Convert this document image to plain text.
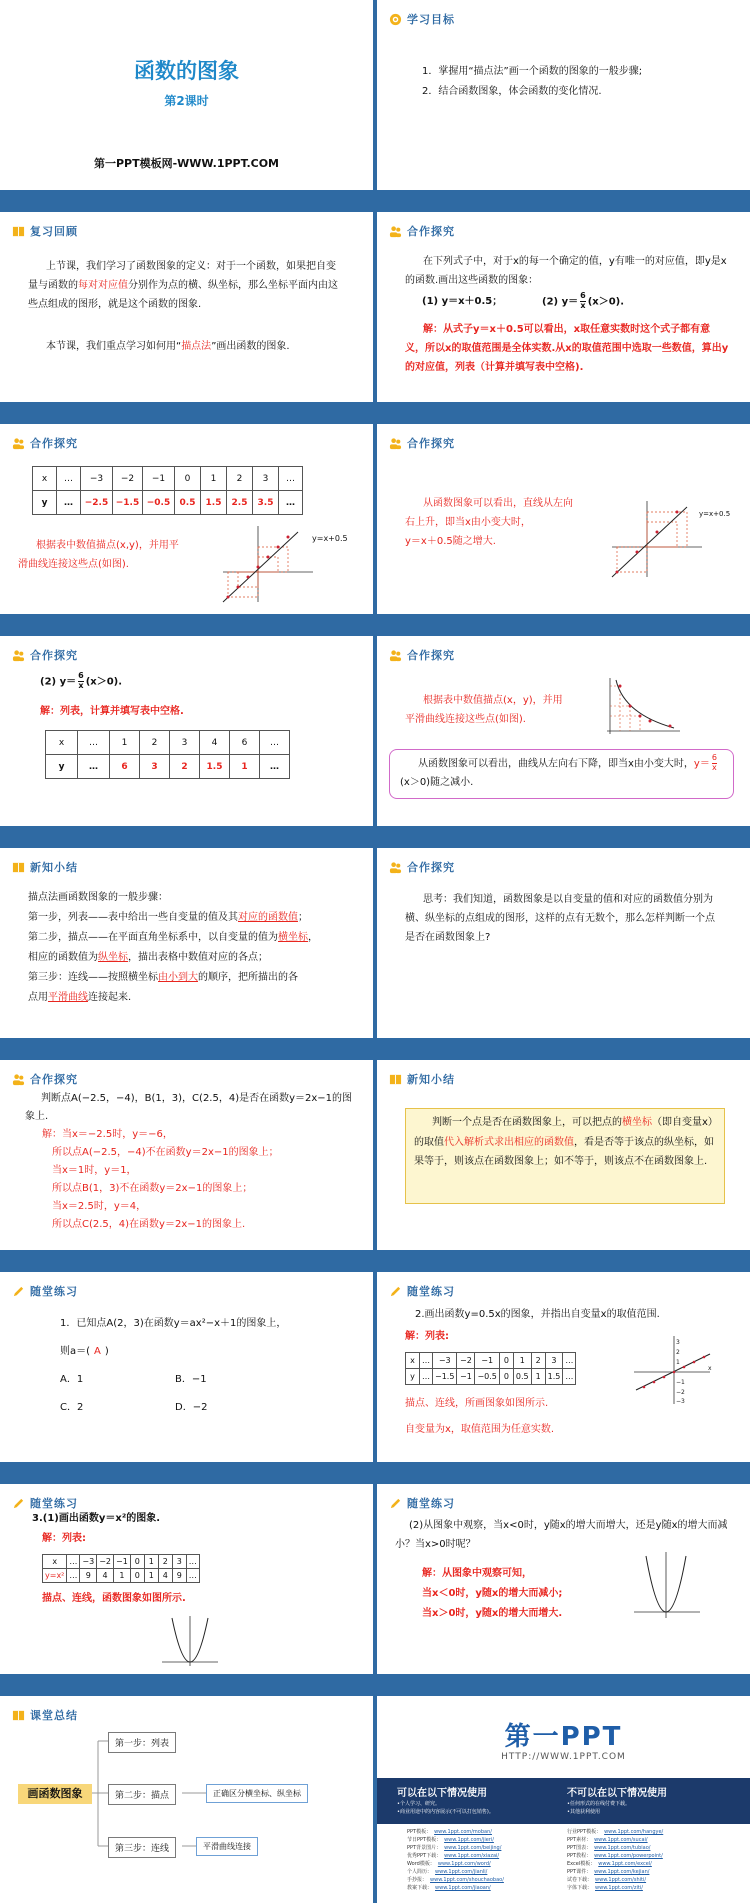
函数的图象
第2课时
第一PPT模板网-WWW.1PPT.COM
学习目标
1．掌握用“描点法”画一个函数的图象的一般步骤;
2．结合函数图象，体会函数的变化情况.
复习回顾
上节课，我们学习了函数图象的定义：对于一个函数，如果把自变量与函数的每对对应值分别作为点的横、纵坐标，那么坐标平面内由这些点组成的图形，就是这个函数的图象.
本节课，我们重点学习如何用“描点法”画出函数的图象.
合作探究
在下列式子中，对于x的每一个确定的值，y有唯一的对应值，即y是x的函数.画出这些函数的图象：
(1) y＝x＋0.5；	(2) $y= \frac{6}{x} (x>0)$.
解：从式子y＝x＋0.5可以看出，x取任意实数时这个式子都有意义，所以x的取值范围是全体实数.从x的取值范围中选取一些数值，算出y的对应值，列表（计算并填写表中空格).
合作探究
x	…	−3	−2	−1	0	1	2	3	…
y	…	−2.5	−1.5	−0.5	0.5	1.5	2.5	3.5	…
根据表中数值描点(x,y)，并用平滑曲线连接这些点(如图).
y=x+0.5
合作探究
从函数图象可以看出，直线从左向右上升，即当x由小变大时，
y＝x＋0.5随之增大.
y=x+0.5
合作探究
(2) $y= \frac{6}{x} (x>0)$.
解：列表，计算并填写表中空格.
x	…	1	2	3	4	6	…
y	…	6	3	2	1.5	1	…
合作探究
根据表中数值描点(x，y)，并用平滑曲线连接这些点(如图).
从函数图象可以看出，曲线从左向右下降，即当x由小变大时，$y= \frac{6}{x}$
(x＞0)随之减小.
新知小结
描点法画函数图象的一般步骤：
第一步，列表——表中给出一些自变量的值及其对应的函数值；
第二步，描点——在平面直角坐标系中，以自变量的值为横坐标，
相应的函数值为纵坐标，描出表格中数值对应的各点；
第三步：连线——按照横坐标由小到大的顺序，把所描出的各
点用平滑曲线连接起来.
合作探究
思考：我们知道，函数图象是以自变量的值和对应的函数值分别为横、纵坐标的点组成的图形，这样的点有无数个，那么怎样判断一个点是否在函数图象上?
合作探究
判断点A(−2.5，−4)，B(1，3)，C(2.5，4)是否在函数y＝2x−1的图象上.
解：当x＝−2.5时，y＝−6，
所以点A(−2.5，−4)不在函数y＝2x−1的图象上；
当x＝1时，y＝1，
所以点B(1，3)不在函数y＝2x−1的图象上；
当x＝2.5时，y＝4，
所以点C(2.5，4)在函数y＝2x−1的图象上.
新知小结
判断一个点是否在函数图象上，可以把点的横坐标（即自变量x）的取值代入解析式求出相应的函数值，看是否等于该点的纵坐标，如果等于，则该点在函数图象上；如不等于，则该点不在函数图象上.
随堂练习
1．已知点A(2，3)在函数y＝ax²−x＋1的图象上，
则a＝( A )
A．1	B．−1
C．2	D．−2
随堂练习
2.画出函数y=0.5x的图象，并指出自变量x的取值范围.
解：列表:
x	…	−3	−2	−1	0	1	2	3	…
y	…	−1.5	−1	−0.5	0	0.5	1	1.5	…
描点、连线，所画图象如图所示.
自变量为x，取值范围为任意实数.
3
2
1
−1
−2
−3
x
随堂练习
3.(1)画出函数y＝x²的图象.
解：列表:
x	…	−3	−2	−1	0	1	2	3	…
y=x²	…	9	4	1	0	1	4	9	…
描点、连线，函数图象如图所示.
随堂练习
(2)从图象中观察，当x<0时，y随x的增大而增大，还是y随x的增大而减小？当x>0时呢？
解：从图象中观察可知，
当x＜0时，y随x的增大而减小;
当x＞0时，y随x的增大而增大.
课堂总结
画函数图象
第一步：列表
第二步：描点
第三步：连线
正确区分横坐标、纵坐标
平滑曲线连接
第一PPT
HTTP://WWW.1PPT.COM
可以在以下情况使用
•个人学习、研究。
•商业用途中的内容展示(不可以打包销售)。
不可以在以下情况使用
•任何形式的在线付费下载。
•其他获利使用
PPT模板： www.1ppt.com/moban/
节日PPT模板： www.1ppt.com/jieri/
PPT背景图片： www.1ppt.com/beijing/
优秀PPT下载： www.1ppt.com/xiazai/
Word模板： www.1ppt.com/word/
个人简历： www.1ppt.com/jianli/
手抄报： www.1ppt.com/shouchaobao/
教案下载： www.1ppt.com/jiaoan/
行业PPT模板： www.1ppt.com/hangye/
PPT素材： www.1ppt.com/sucai/
PPT图表： www.1ppt.com/tubiao/
PPT教程： www.1ppt.com/powerpoint/
Excel模板： www.1ppt.com/excel/
PPT课件： www.1ppt.com/kejian/
试卷下载： www.1ppt.com/shiti/
字体下载： www.1ppt.com/ziti/
